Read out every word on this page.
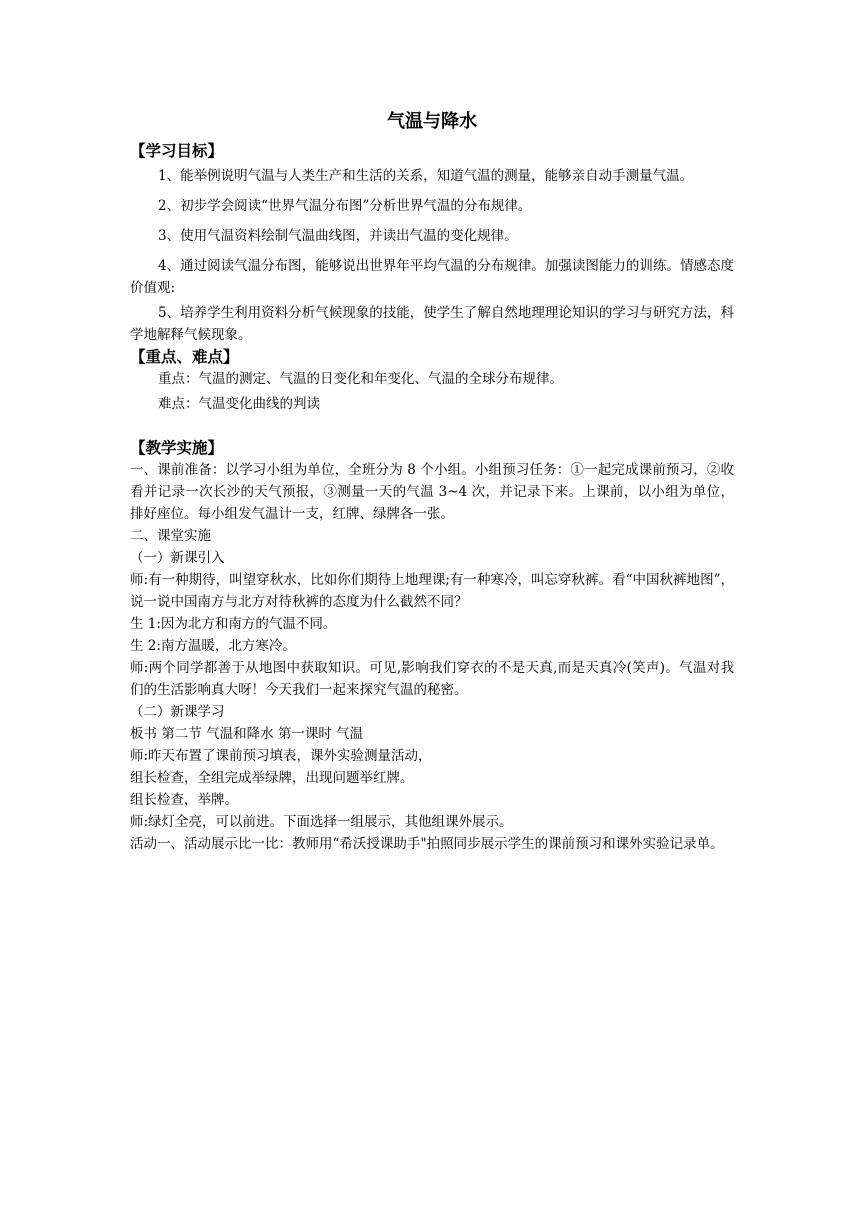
气温与降水
【学习目标】
1、能举例说明气温与人类生产和生活的关系，知道气温的测量，能够亲自动手测量气温。
2、初步学会阅读“世界气温分布图”分析世界气温的分布规律。
3、使用气温资料绘制气温曲线图，并读出气温的变化规律。
4、通过阅读气温分布图，能够说出世界年平均气温的分布规律。加强读图能力的训练。情感态度价值观:
5、培养学生利用资料分析气候现象的技能，使学生了解自然地理理论知识的学习与研究方法，科学地解释气候现象。
【重点、难点】
重点：气温的测定、气温的日变化和年变化、气温的全球分布规律。
难点：气温变化曲线的判读
【教学实施】
一、课前准备：以学习小组为单位，全班分为 8 个小组。小组预习任务：①一起完成课前预习，②收看并记录一次长沙的天气预报，③测量一天的气温 3~4 次，并记录下来。上课前，以小组为单位，排好座位。每小组发气温计一支，红牌、绿牌各一张。
二、课堂实施
（一）新课引入
师:有一种期待，叫望穿秋水，比如你们期待上地理课;有一种寒冷，叫忘穿秋裤。看“中国秋裤地图”，说一说中国南方与北方对待秋裤的态度为什么截然不同？
生 1:因为北方和南方的气温不同。
生 2:南方温暖，北方寒冷。
师:两个同学都善于从地图中获取知识。可见,影响我们穿衣的不是天真,而是天真冷(笑声)。气温对我们的生活影响真大呀！今天我们一起来探究气温的秘密。
（二）新课学习
板书 第二节 气温和降水 第一课时 气温
师:昨天布置了课前预习填表，课外实验测量活动，
组长检查，全组完成举绿牌，出现问题举红牌。
组长检查，举牌。
师:绿灯全亮，可以前进。下面选择一组展示，其他组课外展示。
活动一、活动展示比一比：教师用“希沃授课助手"拍照同步展示学生的课前预习和课外实验记录单。
